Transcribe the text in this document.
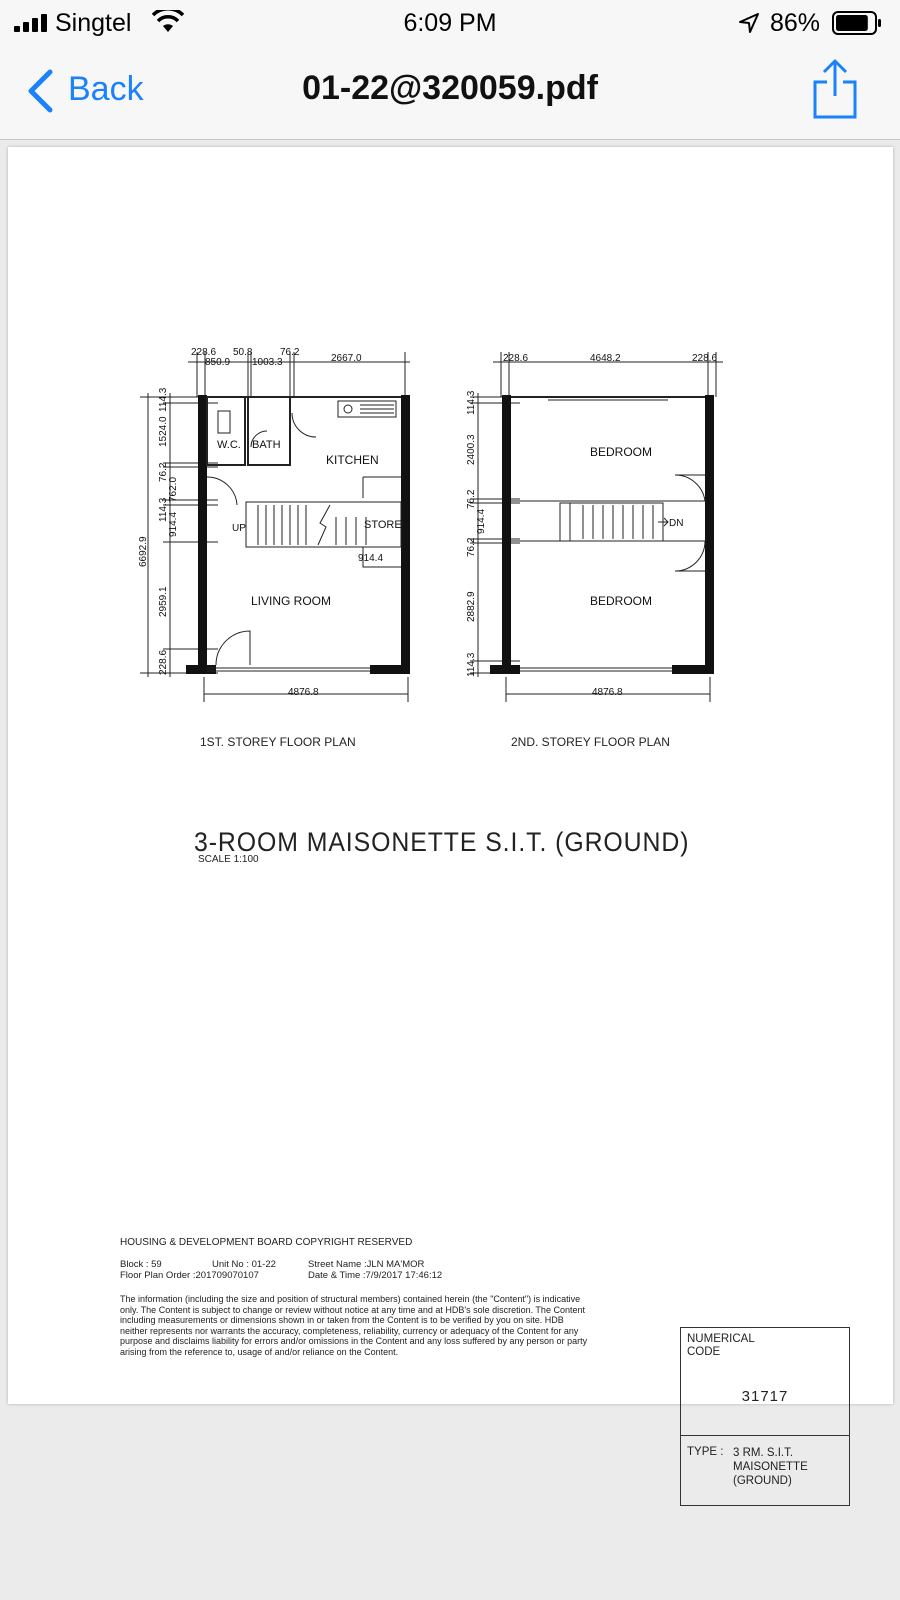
Singtel	6:09 PM	86%
Back	01-22@320059.pdf
228.6
850.9
50.8
1003.3
76.2
2667.0
914.4
4876.8
6692.9
114.3
1524.0
76.2
762.0
114.3
914.4
2959.1
228.6
W.C. BATH
KITCHEN
UP	STORE
LIVING ROOM
228.6	4648.2	228.6
4876.8
114.3
2400.3
76.2
914.4
76.2
2882.9
114.3
BEDROOM
BEDROOM
DN
1ST. STOREY FLOOR PLAN	2ND. STOREY FLOOR PLAN
3-ROOM MAISONETTE S.I.T. (GROUND)
SCALE 1:100
HOUSING & DEVELOPMENT BOARD COPYRIGHT RESERVED
Block : 59	Unit No : 01-22	Street Name :JLN MA'MOR
Floor Plan Order :201709070107	Date & Time :7/9/2017 17:46:12
The information (including the size and position of structural members) contained herein (the "Content") is indicative only. The Content is subject to change or review without notice at any time and at HDB's sole discretion. The Content including measurements or dimensions shown in or taken from the Content is to be verified by you on site. HDB neither represents nor warrants the accuracy, completeness, reliability, currency or adequacy of the Content for any purpose and disclaims liability for errors and/or omissions in the Content and any loss suffered by any person or party arising from the reference to, usage of and/or reliance on the Content.
NUMERICAL CODE
31717
TYPE : 3 RM. S.I.T. MAISONETTE (GROUND)
